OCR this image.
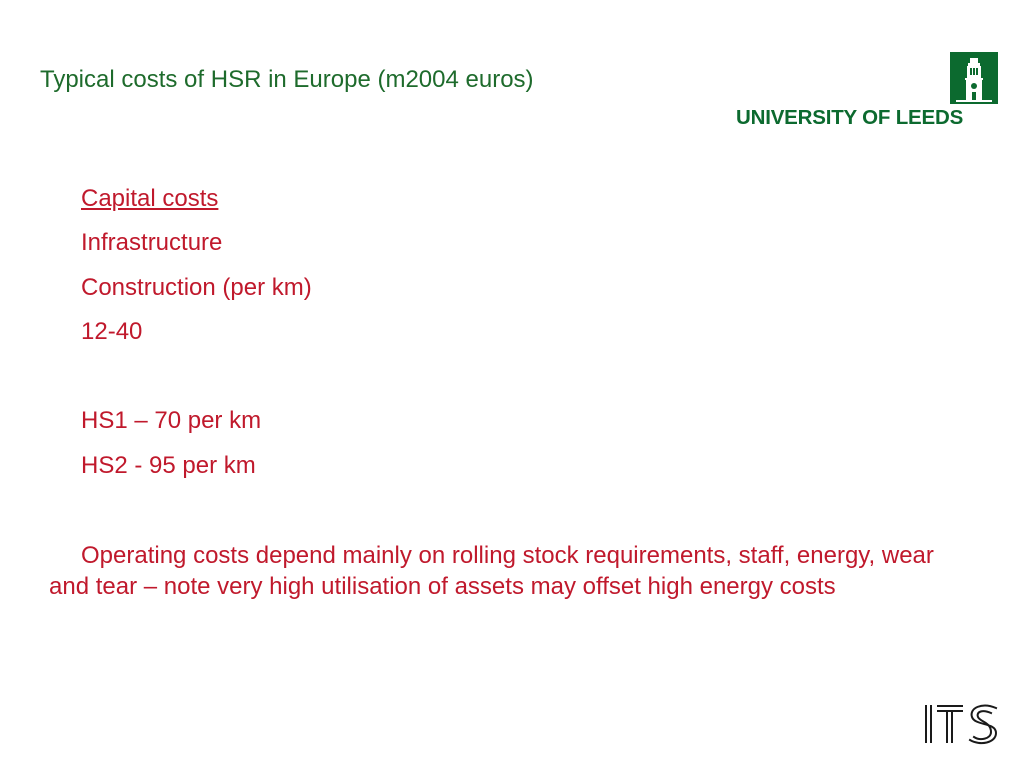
Typical costs of HSR in Europe (m2004 euros)
UNIVERSITY OF LEEDS
Capital costs
Infrastructure
Construction (per km)
12-40
HS1 – 70 per km
HS2 - 95 per km
Operating costs depend mainly on rolling stock requirements, staff, energy, wear and tear – note very high utilisation of assets may offset high energy costs
ITS
